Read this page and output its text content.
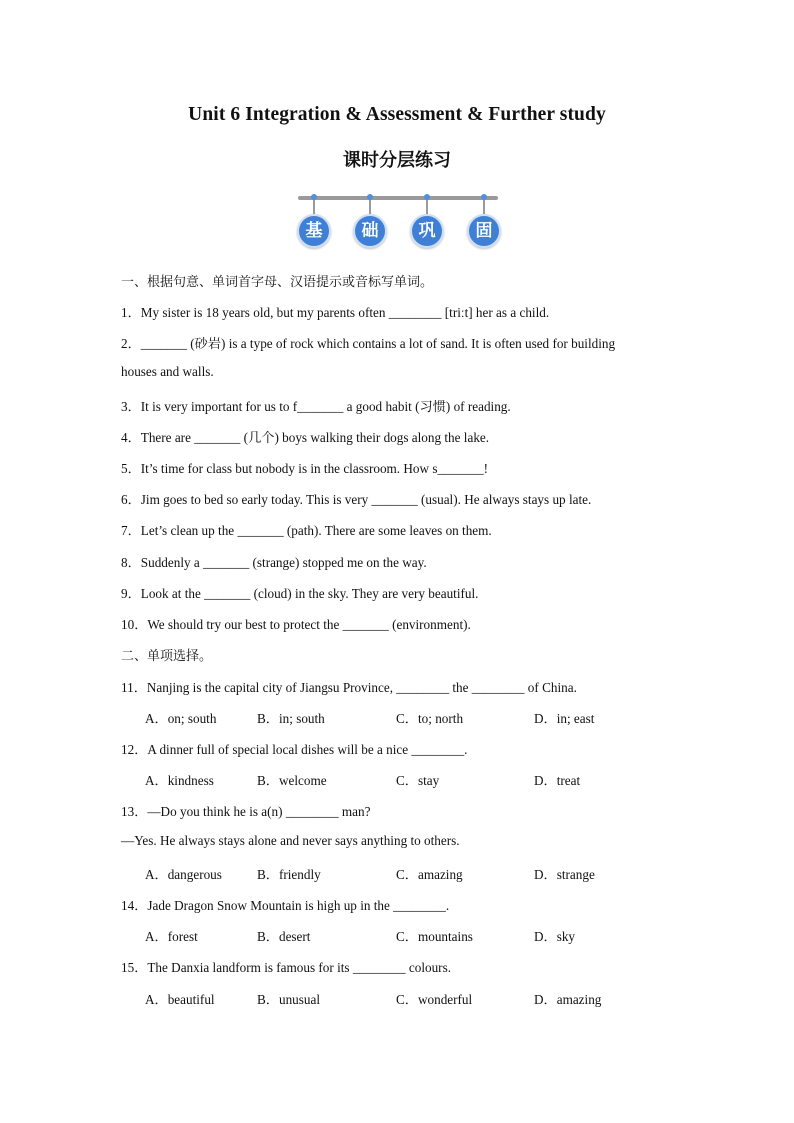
Unit 6 Integration & Assessment & Further study
课时分层练习
基	础	巩	固
一、根据句意、单词首字母、汉语提示或音标写单词。
1．My sister is 18 years old, but my parents often ________ [triːt] her as a child.
2．_______ (砂岩) is a type of rock which contains a lot of sand. It is often used for building
houses and walls.
3．It is very important for us to f_______ a good habit (习惯) of reading.
4．There are _______ (几个) boys walking their dogs along the lake.
5．It’s time for class but nobody is in the classroom. How s_______!
6．Jim goes to bed so early today. This is very _______ (usual). He always stays up late.
7．Let’s clean up the _______ (path). There are some leaves on them.
8．Suddenly a _______ (strange) stopped me on the way.
9．Look at the _______ (cloud) in the sky. They are very beautiful.
10．We should try our best to protect the _______ (environment).
二、单项选择。
11．Nanjing is the capital city of Jiangsu Province, ________ the ________ of China.
A．on; south	B．in; south	C．to; north	D．in; east
12．A dinner full of special local dishes will be a nice ________.
A．kindness	B．welcome	C．stay	D．treat
13．—Do you think he is a(n) ________ man?
—Yes. He always stays alone and never says anything to others.
A．dangerous	B．friendly	C．amazing	D．strange
14．Jade Dragon Snow Mountain is high up in the ________.
A．forest	B．desert	C．mountains	D．sky
15．The Danxia landform is famous for its ________ colours.
A．beautiful	B．unusual	C．wonderful	D．amazing
